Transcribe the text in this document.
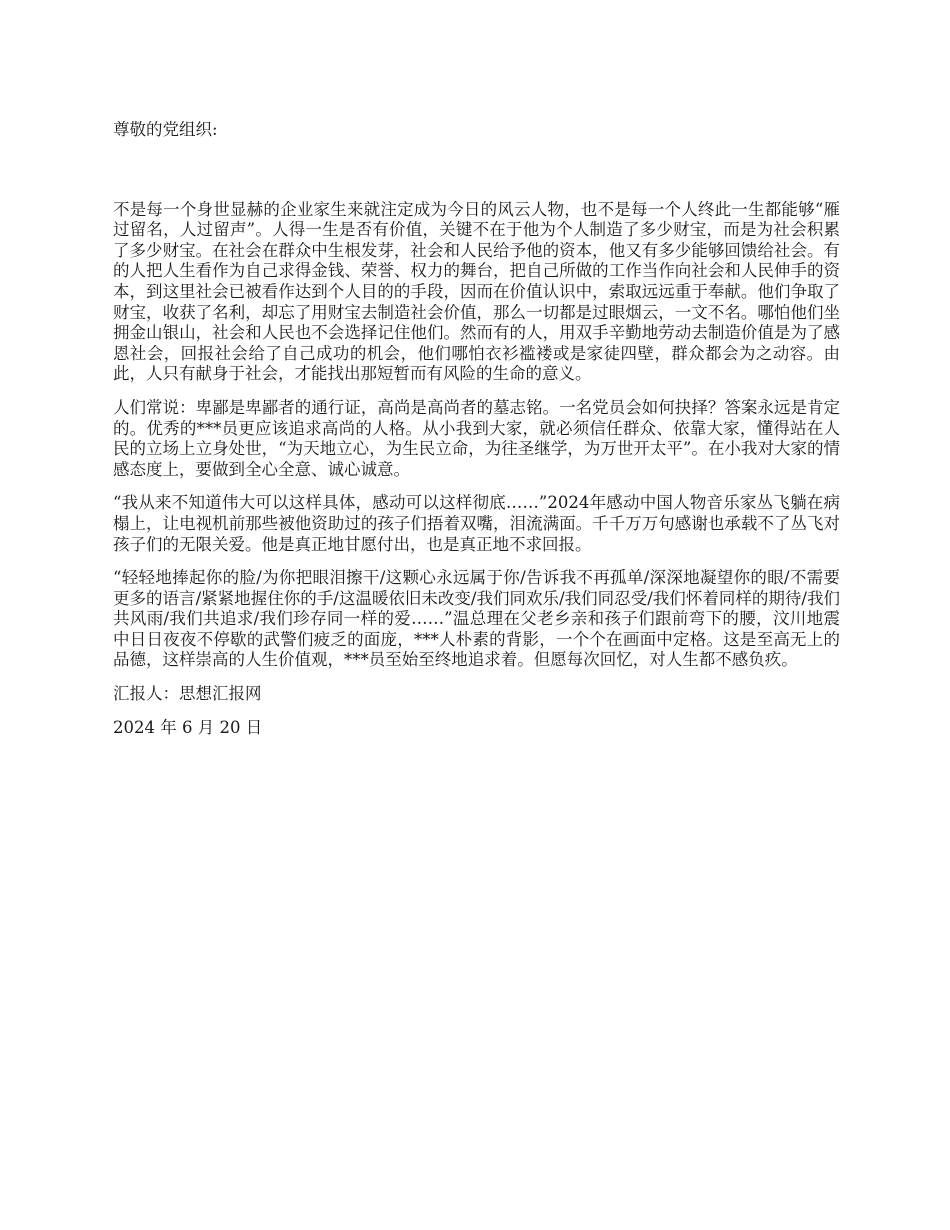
尊敬的党组织:
不是每一个身世显赫的企业家生来就注定成为今日的风云人物，也不是每一个人终此一生都能够“雁过留名，人过留声”。人得一生是否有价值，关键不在于他为个人制造了多少财宝，而是为社会积累了多少财宝。在社会在群众中生根发芽，社会和人民给予他的资本，他又有多少能够回馈给社会。有的人把人生看作为自己求得金钱、荣誉、权力的舞台，把自己所做的工作当作向社会和人民伸手的资本，到这里社会已被看作达到个人目的的手段，因而在价值认识中，索取远远重于奉献。他们争取了财宝，收获了名利，却忘了用财宝去制造社会价值，那么一切都是过眼烟云，一文不名。哪怕他们坐拥金山银山，社会和人民也不会选择记住他们。然而有的人，用双手辛勤地劳动去制造价值是为了感恩社会，回报社会给了自己成功的机会，他们哪怕衣衫褴褛或是家徒四壁，群众都会为之动容。由此，人只有献身于社会，才能找出那短暂而有风险的生命的意义。
人们常说：卑鄙是卑鄙者的通行证，高尚是高尚者的墓志铭。一名党员会如何抉择？答案永远是肯定的。优秀的***员更应该追求高尚的人格。从小我到大家，就必须信任群众、依靠大家，懂得站在人民的立场上立身处世，“为天地立心，为生民立命，为往圣继学，为万世开太平”。在小我对大家的情感态度上，要做到全心全意、诚心诚意。
“我从来不知道伟大可以这样具体，感动可以这样彻底……”2024年感动中国人物音乐家丛飞躺在病榻上，让电视机前那些被他资助过的孩子们捂着双嘴，泪流满面。千千万万句感谢也承载不了丛飞对孩子们的无限关爱。他是真正地甘愿付出，也是真正地不求回报。
“轻轻地捧起你的脸/为你把眼泪擦干/这颗心永远属于你/告诉我不再孤单/深深地凝望你的眼/不需要更多的语言/紧紧地握住你的手/这温暖依旧未改变/我们同欢乐/我们同忍受/我们怀着同样的期待/我们共风雨/我们共追求/我们珍存同一样的爱……”温总理在父老乡亲和孩子们跟前弯下的腰，汶川地震中日日夜夜不停歇的武警们疲乏的面庞，***人朴素的背影，一个个在画面中定格。这是至高无上的品德，这样崇高的人生价值观，***员至始至终地追求着。但愿每次回忆，对人生都不感负疚。
汇报人：思想汇报网
2024 年 6 月 20 日
